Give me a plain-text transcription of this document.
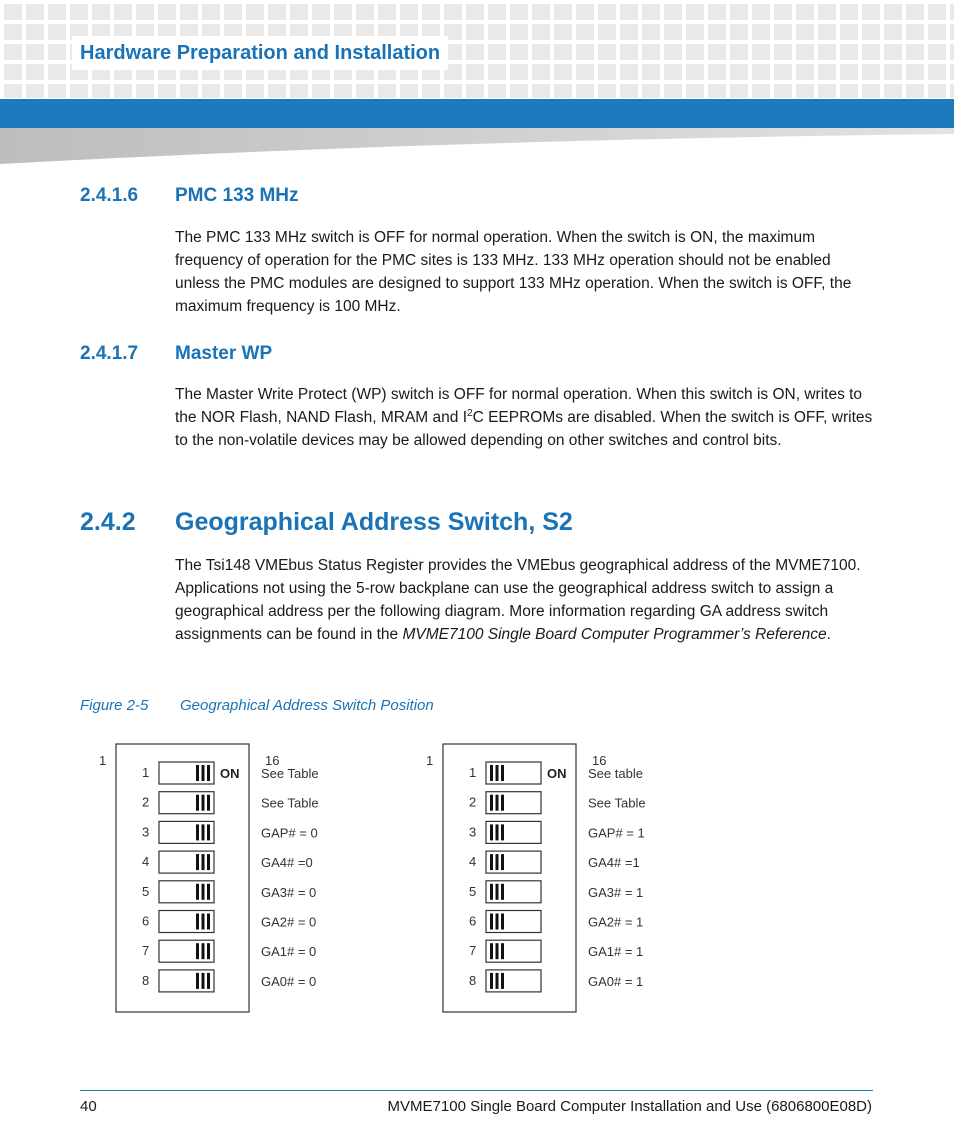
Hardware Preparation and Installation
2.4.1.6 PMC 133 MHz

The PMC 133 MHz switch is OFF for normal operation. When the switch is ON, the maximum frequency of operation for the PMC sites is 133 MHz. 133 MHz operation should not be enabled unless the PMC modules are designed to support 133 MHz operation. When the switch is OFF, the maximum frequency is 100 MHz.

2.4.1.7 Master WP

The Master Write Protect (WP) switch is OFF for normal operation. When this switch is ON, writes to the NOR Flash, NAND Flash, MRAM and $I^2C$ EEPROMs are disabled. When the switch is OFF, writes to the non-volatile devices may be allowed depending on other switches and control bits.

2.4.2 Geographical Address Switch, S2

The Tsi148 VMEbus Status Register provides the VMEbus geographical address of the MVME7100. Applications not using the 5-row backplane can use the geographical address switch to assign a geographical address per the following diagram. More information regarding GA address switch assignments can be found in the MVME7100 Single Board Computer Programmer’s Reference.

Figure 2-5 Geographical Address Switch Position
1	16
ON
1	See Table
2	See Table
3	GAP# = 0
4	GA4# =0
5	GA3# = 0
6	GA2# = 0
7	GA1# = 0
8	GA0# = 0
1	16
ON
1	See table
2	See Table
3	GAP# = 1
4	GA4# =1
5	GA3# = 1
6	GA2# = 1
7	GA1# = 1
8	GA0# = 1
40	MVME7100 Single Board Computer Installation and Use (6806800E08D)
